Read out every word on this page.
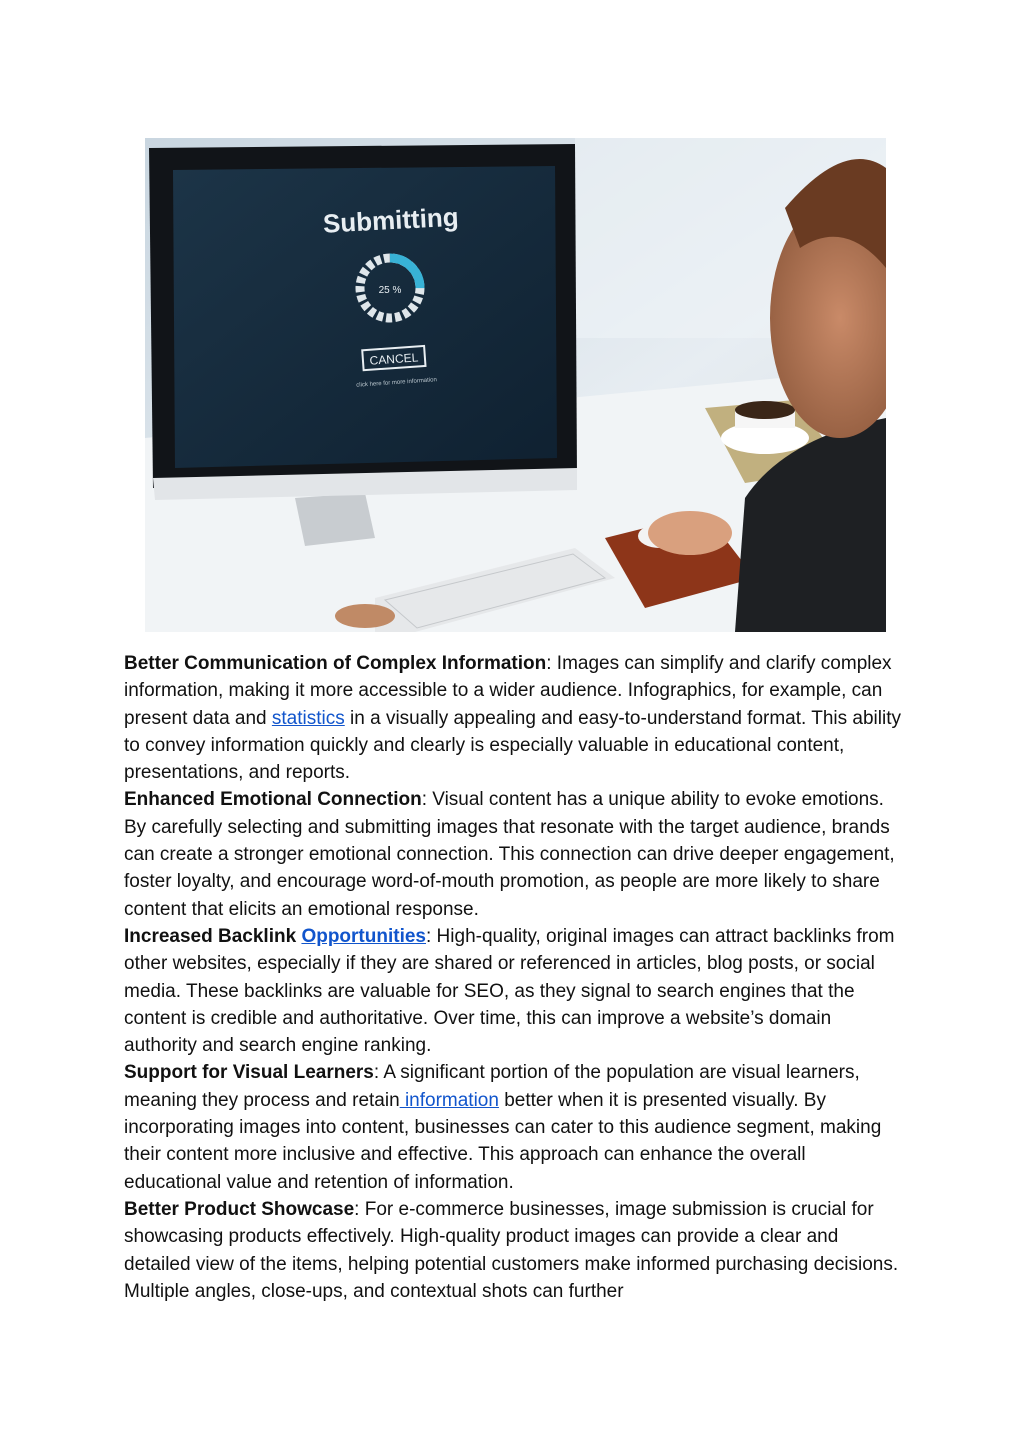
Submitting
25 %
CANCEL
click here for more information

Better Communication of Complex Information: Images can simplify and clarify complex information, making it more accessible to a wider audience. Infographics, for example, can present data and statistics in a visually appealing and easy-to-understand format. This ability to convey information quickly and clearly is especially valuable in educational content, presentations, and reports.

Enhanced Emotional Connection: Visual content has a unique ability to evoke emotions. By carefully selecting and submitting images that resonate with the target audience, brands can create a stronger emotional connection. This connection can drive deeper engagement, foster loyalty, and encourage word-of-mouth promotion, as people are more likely to share content that elicits an emotional response.

Increased Backlink Opportunities: High-quality, original images can attract backlinks from other websites, especially if they are shared or referenced in articles, blog posts, or social media. These backlinks are valuable for SEO, as they signal to search engines that the content is credible and authoritative. Over time, this can improve a website’s domain authority and search engine ranking.

Support for Visual Learners: A significant portion of the population are visual learners, meaning they process and retain information better when it is presented visually. By incorporating images into content, businesses can cater to this audience segment, making their content more inclusive and effective. This approach can enhance the overall educational value and retention of information.

Better Product Showcase: For e-commerce businesses, image submission is crucial for showcasing products effectively. High-quality product images can provide a clear and detailed view of the items, helping potential customers make informed purchasing decisions. Multiple angles, close-ups, and contextual shots can further
